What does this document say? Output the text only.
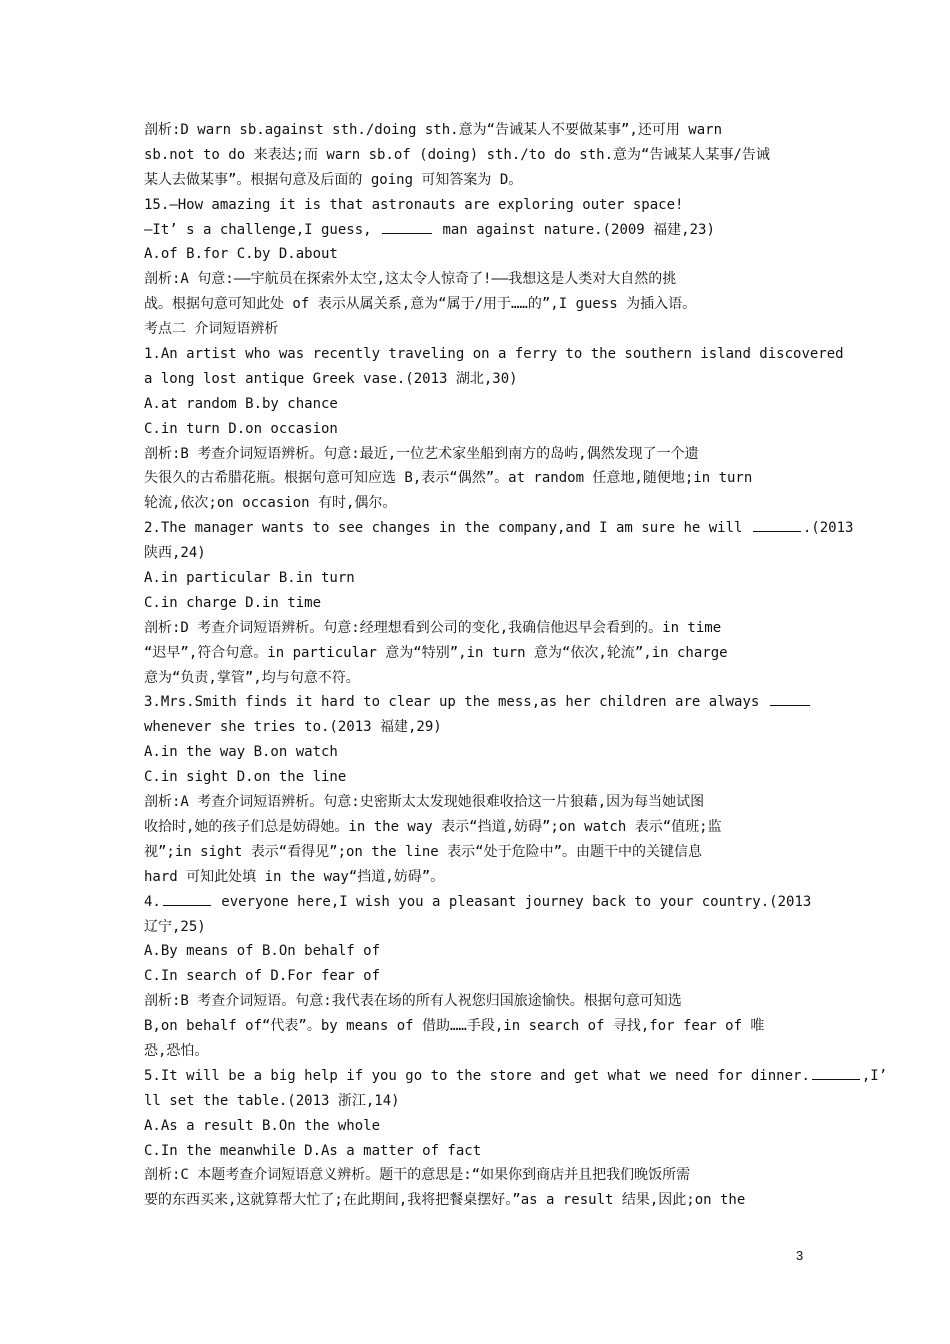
剖析:D warn sb.against sth./doing sth.意为“告诫某人不要做某事”,还可用 warn
sb.not to do 来表达;而 warn sb.of (doing) sth./to do sth.意为“告诫某人某事/告诫
某人去做某事”。根据句意及后面的 going 可知答案为 D。
15.—How amazing it is that astronauts are exploring outer space!
—It’ s a challenge,I guess,	man against nature.(2009 福建,23)
A.of B.for C.by D.about
剖析:A 句意:——宇航员在探索外太空,这太令人惊奇了!——我想这是人类对大自然的挑
战。根据句意可知此处 of 表示从属关系,意为“属于/用于……的”,I guess 为插入语。
考点二 介词短语辨析
1.An artist who was recently traveling on a ferry to the southern island discovered
a long lost antique Greek vase.(2013 湖北,30)
A.at random B.by chance
C.in turn D.on occasion
剖析:B 考查介词短语辨析。句意:最近,一位艺术家坐船到南方的岛屿,偶然发现了一个遗
失很久的古希腊花瓶。根据句意可知应选 B,表示“偶然”。at random 任意地,随便地;in turn
轮流,依次;on occasion 有时,偶尔。
2.The manager wants to see changes in the company,and I am sure he will	.(2013
陕西,24)
A.in particular B.in turn
C.in charge D.in time
剖析:D 考查介词短语辨析。句意:经理想看到公司的变化,我确信他迟早会看到的。in time
“迟早”,符合句意。in particular 意为“特别”,in turn 意为“依次,轮流”,in charge
意为“负责,掌管”,均与句意不符。
3.Mrs.Smith finds it hard to clear up the mess,as her children are always
whenever she tries to.(2013 福建,29)
A.in the way B.on watch
C.in sight D.on the line
剖析:A 考查介词短语辨析。句意:史密斯太太发现她很难收拾这一片狼藉,因为每当她试图
收拾时,她的孩子们总是妨碍她。in the way 表示“挡道,妨碍”;on watch 表示“值班;监
视”;in sight 表示“看得见”;on the line 表示“处于危险中”。由题干中的关键信息
hard 可知此处填 in the way“挡道,妨碍”。
4.	everyone here,I wish you a pleasant journey back to your country.(2013
辽宁,25)
A.By means of B.On behalf of
C.In search of D.For fear of
剖析:B 考查介词短语。句意:我代表在场的所有人祝您归国旅途愉快。根据句意可知选
B,on behalf of“代表”。by means of 借助……手段,in search of 寻找,for fear of 唯
恐,恐怕。
5.It will be a big help if you go to the store and get what we need for dinner.	,I’
ll set the table.(2013 浙江,14)
A.As a result B.On the whole
C.In the meanwhile D.As a matter of fact
剖析:C 本题考查介词短语意义辨析。题干的意思是:“如果你到商店并且把我们晚饭所需
要的东西买来,这就算帮大忙了;在此期间,我将把餐桌摆好。”as a result 结果,因此;on the
3
